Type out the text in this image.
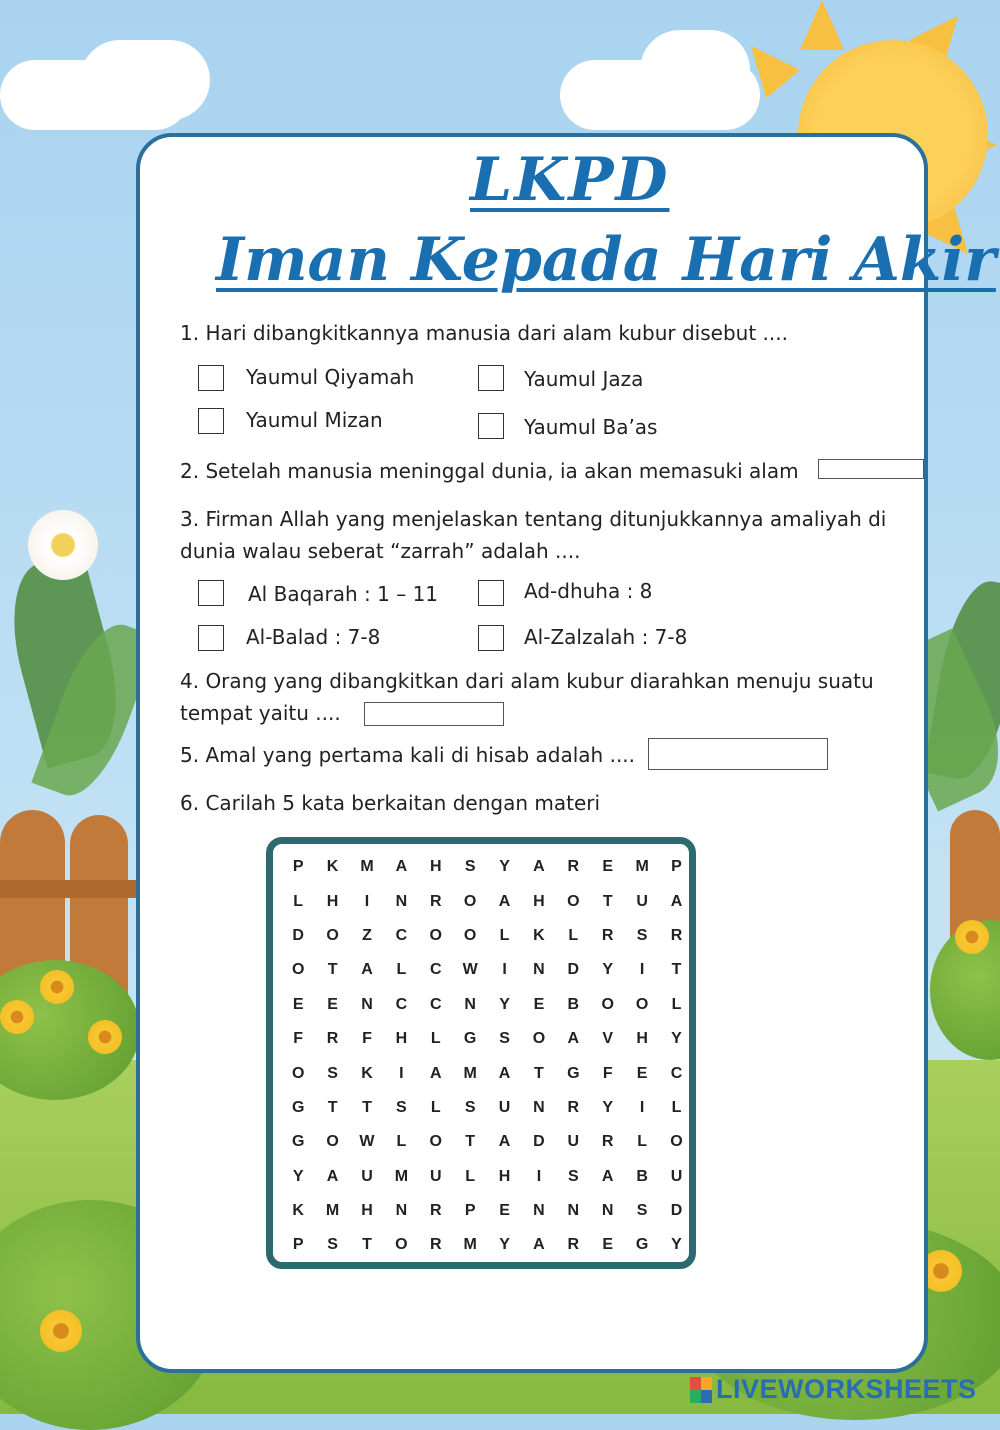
LKPD
Iman Kepada Hari Akir
1. Hari dibangkitkannya manusia dari alam kubur disebut ....
Yaumul Qiyamah	Yaumul Jaza
Yaumul Mizan	Yaumul Ba’as
2. Setelah manusia meninggal dunia, ia akan memasuki alam
3. Firman Allah yang menjelaskan tentang ditunjukkannya amaliyah di
dunia walau seberat “zarrah” adalah ....
Al Baqarah : 1 – 11	Ad-dhuha : 8
Al-Balad : 7-8	Al-Zalzalah : 7-8
4. Orang yang dibangkitkan dari alam kubur diarahkan menuju suatu
tempat yaitu ....
5. Amal yang pertama kali di hisab adalah ....
6. Carilah 5 kata berkaitan dengan materi
P	K	M	A	H	S	Y	A	R	E	M	P
L	H	I	N	R	O	A	H	O	T	U	A
D	O	Z	C	O	O	L	K	L	R	S	R
O	T	A	L	C	W	I	N	D	Y	I	T
E	E	N	C	C	N	Y	E	B	O	O	L
F	R	F	H	L	G	S	O	A	V	H	Y
O	S	K	I	A	M	A	T	G	F	E	C
G	T	T	S	L	S	U	N	R	Y	I	L
G	O	W	L	O	T	A	D	U	R	L	O
Y	A	U	M	U	L	H	I	S	A	B	U
K	M	H	N	R	P	E	N	N	N	S	D
P	S	T	O	R	M	Y	A	R	E	G	Y
LIVEWORKSHEETS
